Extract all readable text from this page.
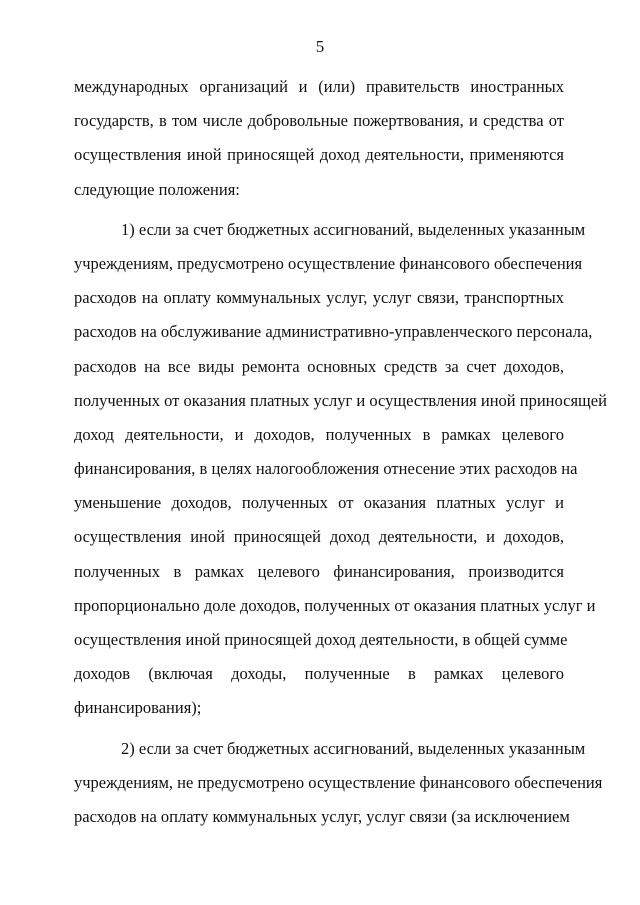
5
международных организаций и (или) правительств иностранных
государств, в том числе добровольные пожертвования, и средства от
осуществления иной приносящей доход деятельности, применяются
следующие положения:
1) если за счет бюджетных ассигнований, выделенных указанным
учреждениям, предусмотрено осуществление финансового обеспечения
расходов на оплату коммунальных услуг, услуг связи, транспортных
расходов на обслуживание административно-управленческого персонала,
расходов на все виды ремонта основных средств за счет доходов,
полученных от оказания платных услуг и осуществления иной приносящей
доход деятельности, и доходов, полученных в рамках целевого
финансирования, в целях налогообложения отнесение этих расходов на
уменьшение доходов, полученных от оказания платных услуг и
осуществления иной приносящей доход деятельности, и доходов,
полученных в рамках целевого финансирования, производится
пропорционально доле доходов, полученных от оказания платных услуг и
осуществления иной приносящей доход деятельности, в общей сумме
доходов (включая доходы, полученные в рамках целевого
финансирования);
2) если за счет бюджетных ассигнований, выделенных указанным
учреждениям, не предусмотрено осуществление финансового обеспечения
расходов на оплату коммунальных услуг, услуг связи (за исключением
